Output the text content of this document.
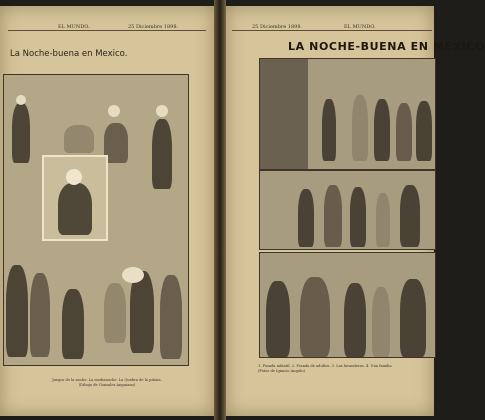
EL MUNDO.	25 Diciembre 1898.
La Noche-buena en Mexico.
Juegos de la noche. La medianoche. La Quebra de la piñata.
(Dibujo de Gonzalez Anguiano)
25 Diciembre 1898.	EL MUNDO.
LA NOCHE-BUENA EN MEXICO
1. Posada infantil. 2. Posada de adultos. 3. Las lavanderas. 4. Una familia
(Fotos de Ignacio Angulo)
